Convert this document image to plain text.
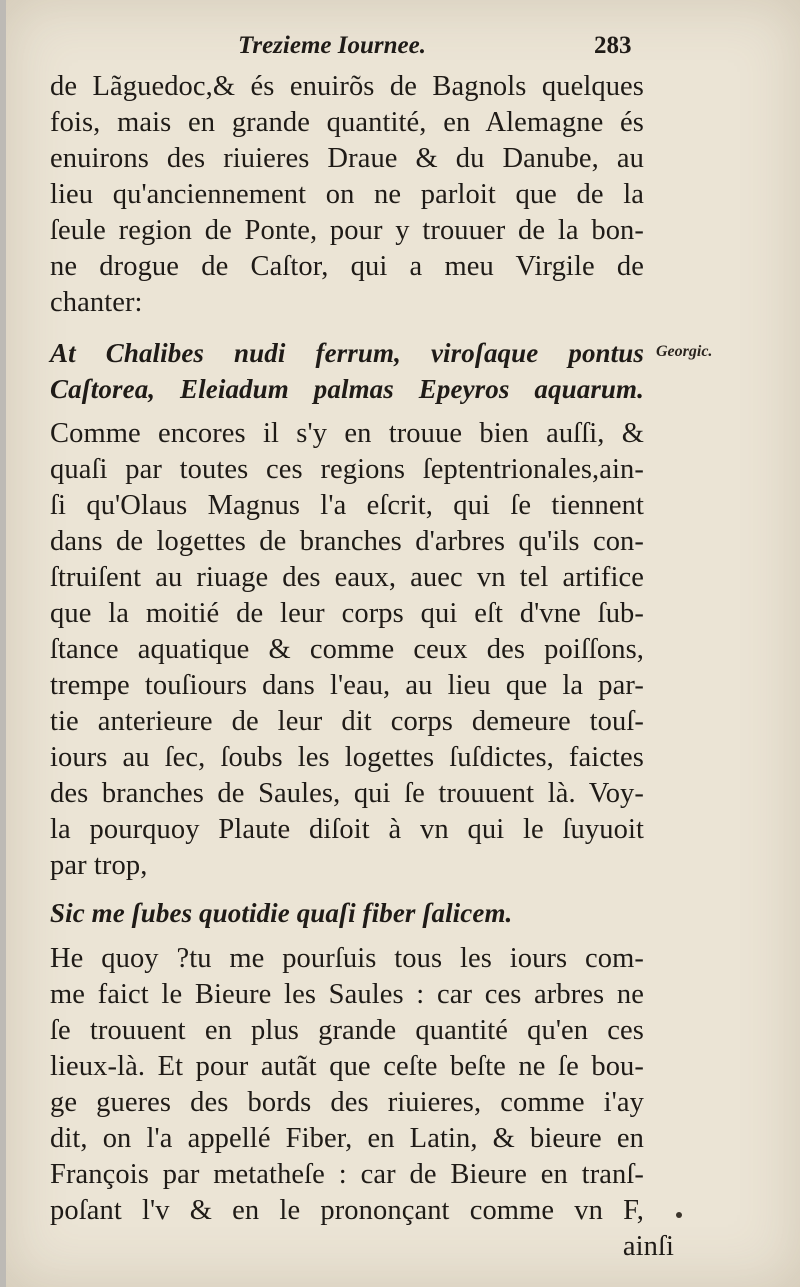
Trezieme Iournee.	283
Georgic.
de Lãguedoc,& és enuirõs de Bagnols quelques
fois, mais en grande quantité, en Alemagne és
enuirons des riuieres Draue & du Danube, au
lieu qu'anciennement on ne parloit que de la
ſeule region de Ponte, pour y trouuer de la bon-
ne drogue de Caſtor, qui a meu Virgile de
chanter:
At Chalibes nudi ferrum, viroſaque pontus
Caſtorea, Eleiadum palmas Epeyros aquarum.
Comme encores il s'y en trouue bien auſſi, &
quaſi par toutes ces regions ſeptentrionales,ain-
ſi qu'Olaus Magnus l'a eſcrit, qui ſe tiennent
dans de logettes de branches d'arbres qu'ils con-
ſtruiſent au riuage des eaux, auec vn tel artifice
que la moitié de leur corps qui eſt d'vne ſub-
ſtance aquatique & comme ceux des poiſſons,
trempe touſiours dans l'eau, au lieu que la par-
tie anterieure de leur dit corps demeure touſ-
iours au ſec, ſoubs les logettes ſuſdictes, faictes
des branches de Saules, qui ſe trouuent là. Voy-
la pourquoy Plaute diſoit à vn qui le ſuyuoit
par trop,
Sic me ſubes quotidie quaſi fiber ſalicem.
He quoy ?tu me pourſuis tous les iours com-
me faict le Bieure les Saules : car ces arbres ne
ſe trouuent en plus grande quantité qu'en ces
lieux-là. Et pour autãt que ceſte beſte ne ſe bou-
ge gueres des bords des riuieres, comme i'ay
dit, on l'a appellé Fiber, en Latin, & bieure en
François par metatheſe : car de Bieure en tranſ-
poſant l'v & en le prononçant comme vn F,
ainſi
